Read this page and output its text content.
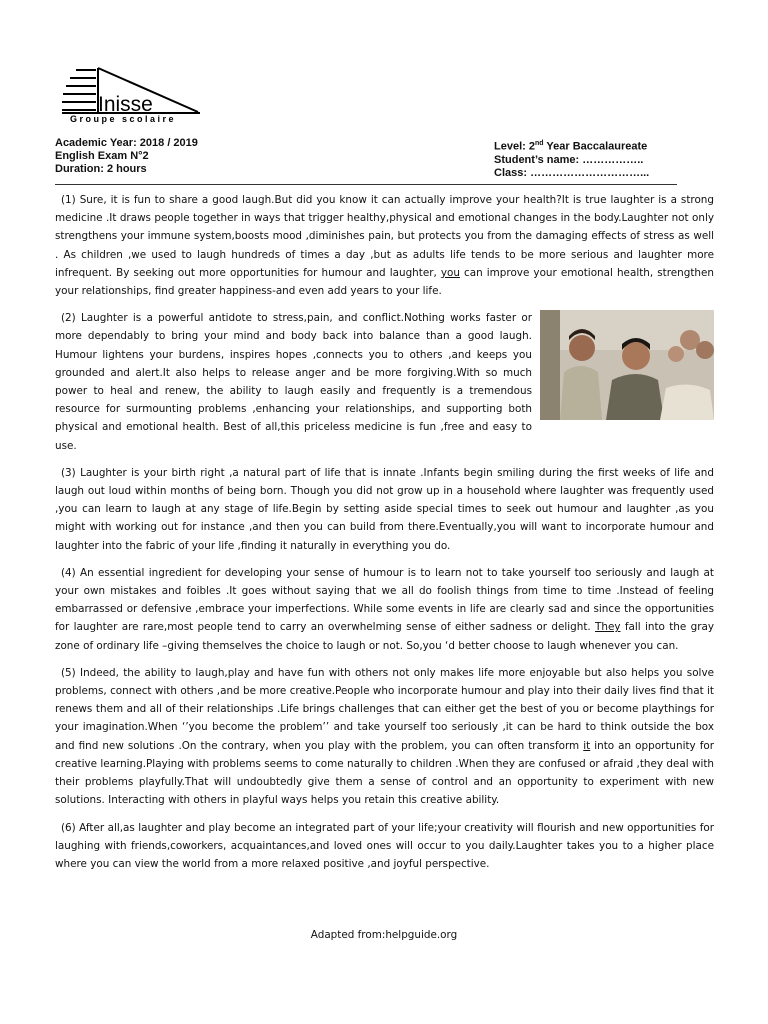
Inisse
Groupe scolaire
Academic Year: 2018 / 2019
English Exam N°2
Duration: 2 hours
Level: 2nd Year Baccalaureate
Student’s name: ……………..
Class: …………………………...

(1) Sure, it is fun to share a good laugh.But did you know it can actually improve your health?It is true laughter is a strong medicine .It draws people together in ways that trigger healthy,physical and emotional changes in the body.Laughter not only strengthens your immune system,boosts mood ,diminishes pain, but protects you from the damaging effects of stress as well . As children ,we used to laugh hundreds of times a day ,but as adults life tends to be more serious and laughter more infrequent. By seeking out more opportunities for humour and laughter, you can improve your emotional health, strengthen your relationships, find greater happiness-and even add years to your life.

(2) Laughter is a powerful antidote to stress,pain, and conflict.Nothing works faster or more dependably to bring your mind and body back into balance than a good laugh. Humour lightens your burdens, inspires hopes ,connects you to others ,and keeps you grounded and alert.It also helps to release anger and be more forgiving.With so much power to heal and renew, the ability to laugh easily and frequently is a tremendous resource for surmounting problems ,enhancing your relationships, and supporting both physical and emotional health. Best of all,this priceless medicine is fun ,free and easy to use.

(3) Laughter is your birth right ,a natural part of life that is innate .Infants begin smiling during the first weeks of life and laugh out loud within months of being born. Though you did not grow up in a household where laughter was frequently used ,you can learn to laugh at any stage of life.Begin by setting aside special times to seek out humour and laughter ,as you might with working out for instance ,and then you can build from there.Eventually,you will want to incorporate humour and laughter into the fabric of your life ,finding it naturally in everything you do.

(4) An essential ingredient for developing your sense of humour is to learn not to take yourself too seriously and laugh at your own mistakes and foibles .It goes without saying that we all do foolish things from time to time .Instead of feeling embarrassed or defensive ,embrace your imperfections. While some events in life are clearly sad and since the opportunities for laughter are rare,most people tend to carry an overwhelming sense of either sadness or delight. They fall into the gray zone of ordinary life –giving themselves the choice to laugh or not. So,you ‘d better choose to laugh whenever you can.

(5) Indeed, the ability to laugh,play and have fun with others not only makes life more enjoyable but also helps you solve problems, connect with others ,and be more creative.People who incorporate humour and play into their daily lives find that it renews them and all of their relationships .Life brings challenges that can either get the best of you or become playthings for your imagination.When ‘’you become the problem’’ and take yourself too seriously ,it can be hard to think outside the box and find new solutions .On the contrary, when you play with the problem, you can often transform it into an opportunity for creative learning.Playing with problems seems to come naturally to children .When they are confused or afraid ,they deal with their problems playfully.That will undoubtedly give them a sense of control and an opportunity to experiment with new solutions. Interacting with others in playful ways helps you retain this creative ability.

(6) After all,as laughter and play become an integrated part of your life;your creativity will flourish and new opportunities for laughing with friends,coworkers, acquaintances,and loved ones will occur to you daily.Laughter takes you to a higher place where you can view the world from a more relaxed positive ,and joyful perspective.

Adapted from:helpguide.org
